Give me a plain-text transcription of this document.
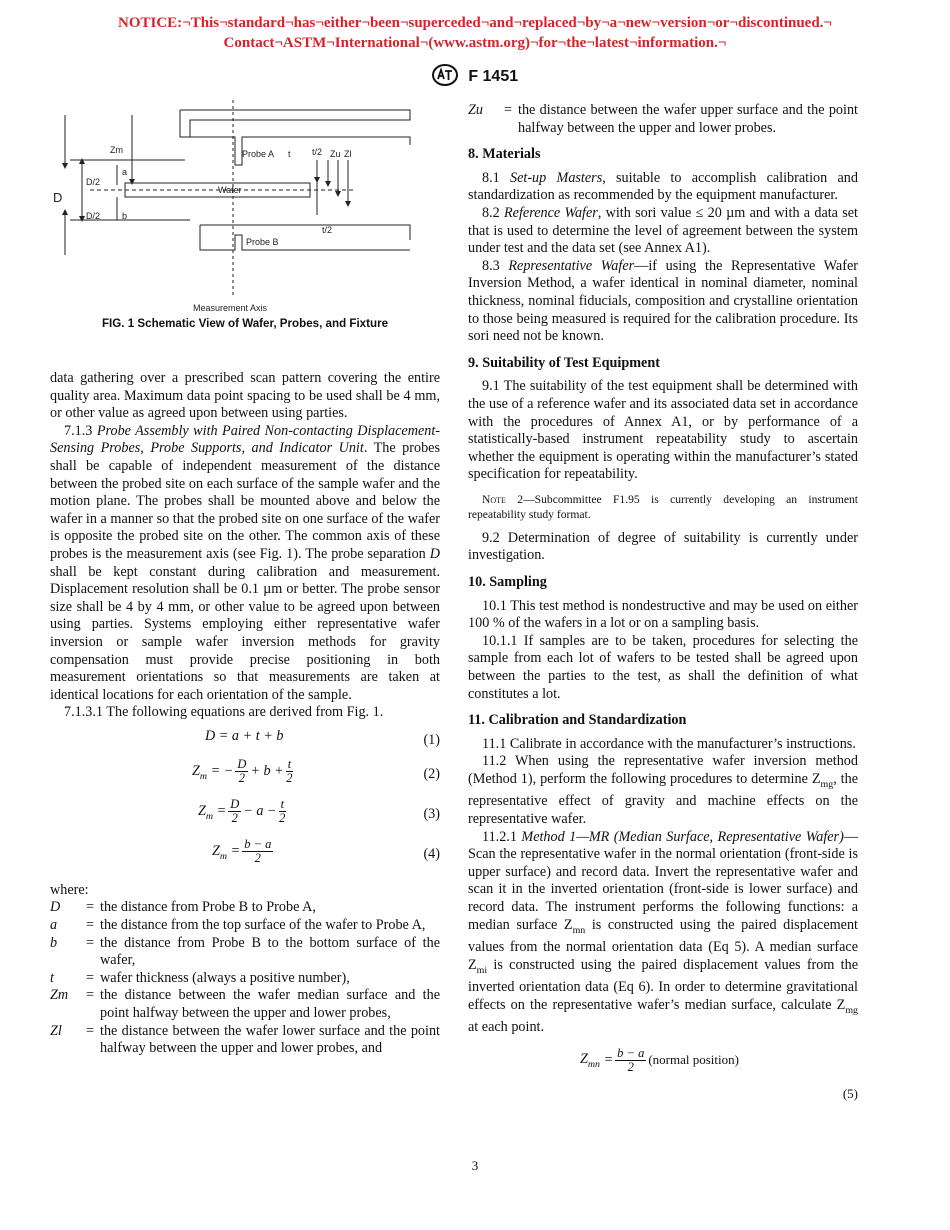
NOTICE:¬This¬standard¬has¬either¬been¬superceded¬and¬replaced¬by¬a¬new¬version¬or¬discontinued.¬
Contact¬ASTM¬International¬(www.astm.org)¬for¬the¬latest¬information.¬
F 1451
Zm
D/2
D
D/2
a
b
Probe A t t/2 Zu Zl
Wafer
t/2
Probe B
Measurement Axis
FIG. 1 Schematic View of Wafer, Probes, and Fixture

data gathering over a prescribed scan pattern covering the entire quality area. Maximum data point spacing to be used shall be 4 mm, or other value as agreed upon between using parties.

7.1.3 Probe Assembly with Paired Non-contacting Displacement-Sensing Probes, Probe Supports, and Indicator Unit. The probes shall be capable of independent measurement of the distance between the probed site on each surface of the sample wafer and the motion plane. The probes shall be mounted above and below the wafer in a manner so that the probed site on one surface of the wafer is opposite the probed site on the other. The common axis of these probes is the measurement axis (see Fig. 1). The probe separation D shall be kept constant during calibration and measurement. Displacement resolution shall be 0.1 µm or better. The probe sensor size shall be 4 by 4 mm, or other value to be agreed upon between using parties. Systems employing either representative wafer inversion or sample wafer inversion methods for gravity compensation must provide precise positioning in both measurement orientations so that measurements are taken at identical locations for each orientation of the sample.

7.1.3.1 The following equations are derived from Fig. 1.

D = a + t + b	(1)
$Z_m$ = − $\frac{D}{2} + b + \frac{t}{2}$	(2)
$Z_m = \frac{D}{2} - a - \frac{t}{2}$	(3)
$Z_m = \frac{b - a}{2}$	(4)
where:
D	= the distance from Probe B to Probe A,
a	= the distance from the top surface of the wafer to Probe A,
b	= the distance from Probe B to the bottom surface of the wafer,
t	= wafer thickness (always a positive number),
Zm	= the distance between the wafer median surface and the point halfway between the upper and lower probes,
Zl	= the distance between the wafer lower surface and the point halfway between the upper and lower probes, and
Zu	= the distance between the wafer upper surface and the point halfway between the upper and lower probes.

8. Materials

8.1 Set-up Masters, suitable to accomplish calibration and standardization as recommended by the equipment manufacturer.

8.2 Reference Wafer, with sori value ≤ 20 µm and with a data set that is used to determine the level of agreement between the system under test and the data set (see Annex A1).

8.3 Representative Wafer—if using the Representative Wafer Inversion Method, a wafer identical in nominal diameter, nominal thickness, nominal fiducials, composition and crystalline orientation to those being measured is required for the calibration procedure. Its sori need not be known.

9. Suitability of Test Equipment

9.1 The suitability of the test equipment shall be determined with the use of a reference wafer and its associated data set in accordance with the procedures of Annex A1, or by performance of a statistically-based instrument repeatability study to ascertain whether the equipment is operating within the manufacturer’s stated specification for repeatability.

Note 2—Subcommittee F1.95 is currently developing an instrument repeatability study format.

9.2 Determination of degree of suitability is currently under investigation.

10. Sampling

10.1 This test method is nondestructive and may be used on either 100 % of the wafers in a lot or on a sampling basis.

10.1.1 If samples are to be taken, procedures for selecting the sample from each lot of wafers to be tested shall be agreed upon between the parties to the test, as shall the definition of what constitutes a lot.

11. Calibration and Standardization

11.1 Calibrate in accordance with the manufacturer’s instructions.

11.2 When using the representative wafer inversion method (Method 1), perform the following procedures to determine $Z_{mg}$, the representative effect of gravity and machine effects on the representative wafer.

11.2.1 Method 1—MR (Median Surface, Representative Wafer)—Scan the representative wafer in the normal orientation (front-side is upper surface) and record data. Invert the representative wafer and scan it in the inverted orientation (front-side is lower surface) and record data. The instrument performs the following functions: a median surface $Z_{mn}$ is constructed using the paired displacement values from the normal orientation data (Eq 5). A median surface $Z_{mi}$ is constructed using the paired displacement values from the inverted orientation data (Eq 6). In order to determine gravitational effects on the representative wafer’s median surface, calculate $Z_{mg}$ at each point.

$Z_{mn} = \frac{b - a}{2}$ (normal position)
(5)
3
